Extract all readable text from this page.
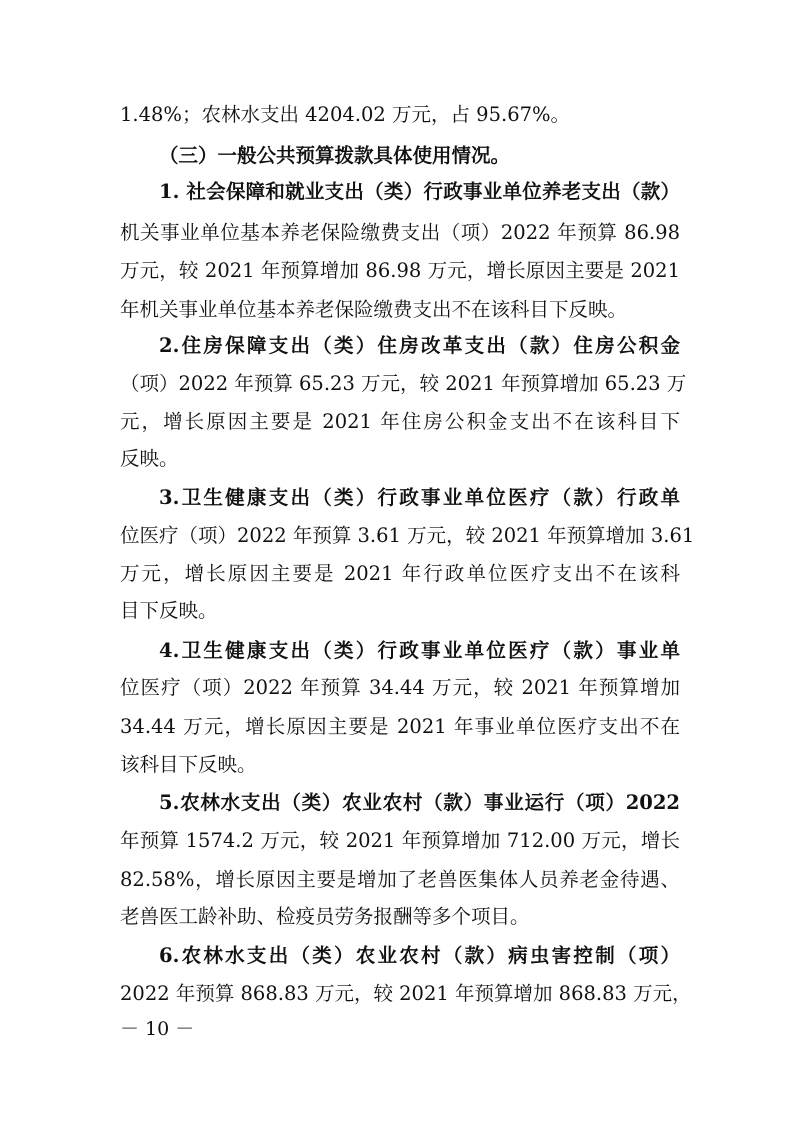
1.48%；农林水支出 4204.02 万元，占 95.67%。
（三）一般公共预算拨款具体使用情况。
1. 社会保障和就业支出（类）行政事业单位养老支出（款）
机关事业单位基本养老保险缴费支出（项）2022 年预算 86.98
万元，较 2021 年预算增加 86.98 万元，增长原因主要是 2021
年机关事业单位基本养老保险缴费支出不在该科目下反映。
2.住房保障支出（类）住房改革支出（款）住房公积金
（项）2022 年预算 65.23 万元，较 2021 年预算增加 65.23 万
元，增长原因主要是 2021 年住房公积金支出不在该科目下
反映。
3.卫生健康支出（类）行政事业单位医疗（款）行政单
位医疗（项）2022 年预算 3.61 万元，较 2021 年预算增加 3.61
万元，增长原因主要是 2021 年行政单位医疗支出不在该科
目下反映。
4.卫生健康支出（类）行政事业单位医疗（款）事业单
位医疗（项）2022 年预算 34.44 万元，较 2021 年预算增加
34.44 万元，增长原因主要是 2021 年事业单位医疗支出不在
该科目下反映。
5.农林水支出（类）农业农村（款）事业运行（项）2022
年预算 1574.2 万元，较 2021 年预算增加 712.00 万元，增长
82.58%，增长原因主要是增加了老兽医集体人员养老金待遇、
老兽医工龄补助、检疫员劳务报酬等多个项目。
6.农林水支出（类）农业农村（款）病虫害控制（项）
2022 年预算 868.83 万元，较 2021 年预算增加 868.83 万元，
－ 10 －
